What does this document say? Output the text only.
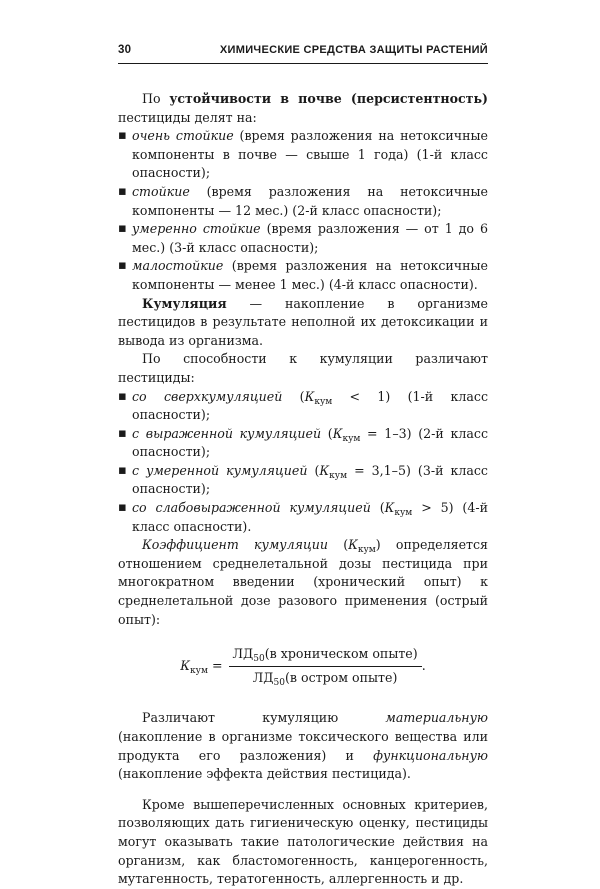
30	ХИМИЧЕСКИЕ СРЕДСТВА ЗАЩИТЫ РАСТЕНИЙ

По устойчивости в почве (персистентность) пестициды делят на:

▪ очень стойкие (время разложения на нетоксичные компоненты в почве — свыше 1 года) (1-й класс опасности);
▪ стойкие (время разложения на нетоксичные компоненты — 12 мес.) (2-й класс опасности);
▪ умеренно стойкие (время разложения — от 1 до 6 мес.) (3-й класс опасности);
▪ малостойкие (время разложения на нетоксичные компоненты — менее 1 мес.) (4-й класс опасности).

Кумуляция — накопление в организме пестицидов в результате неполной их детоксикации и вывода из организма.

По способности к кумуляции различают пестициды:

▪ со сверхкумуляцией $(К_{кум} < 1)$ (1-й класс опасности);
▪ с выраженной кумуляцией $(К_{кум} = 1-3)$ (2-й класс опасности);
▪ с умеренной кумуляцией $(К_{кум} = 3,1-5)$ (3-й класс опасности);
▪ со слабовыраженной кумуляцией $(К_{кум} > 5)$ (4-й класс опасности).

Коэффициент кумуляции $(К_{кум})$ определяется отношением среднелетальной дозы пестицида при многократном введении (хронический опыт) к среднелетальной дозе разового применения (острый опыт):

$К_{кум} = \frac{ЛД_{50}(в хроническом опыте)}{ЛД_{50}(в остром опыте)}$ .

Различают кумуляцию материальную (накопление в организме токсического вещества или продукта его разложения) и функциональную (накопление эффекта действия пестицида).

Кроме вышеперечисленных основных критериев, позволяющих дать гигиеническую оценку, пестициды могут оказывать такие патологические действия на организм, как бластомогенность, канцерогенность, мутагенность, тератогенность, аллергенность и др.
